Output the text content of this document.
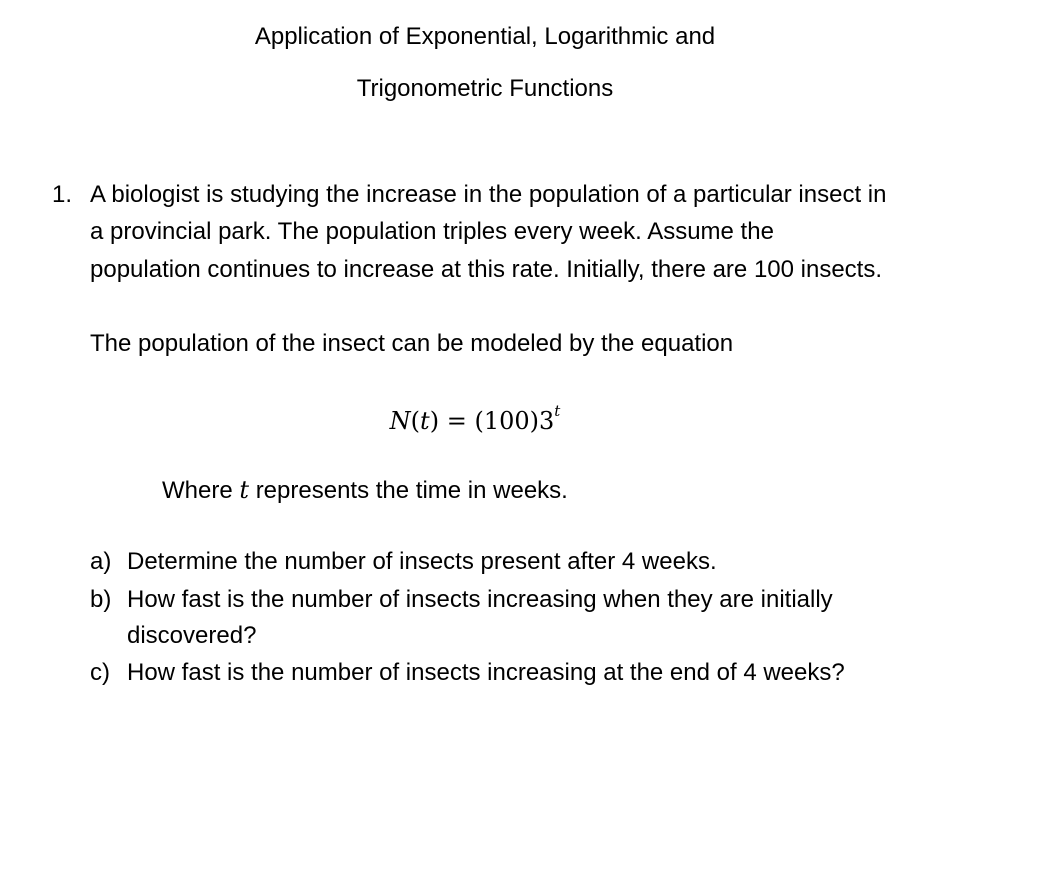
Application of Exponential, Logarithmic and
Trigonometric Functions
1. A biologist is studying the increase in the population of a particular insect in
a provincial park. The population triples every week. Assume the
population continues to increase at this rate. Initially, there are 100 insects.
The population of the insect can be modeled by the equation
$N(t) = (100)3^t$
Where t represents the time in weeks.
a) Determine the number of insects present after 4 weeks.
b) How fast is the number of insects increasing when they are initially
discovered?
c) How fast is the number of insects increasing at the end of 4 weeks?
